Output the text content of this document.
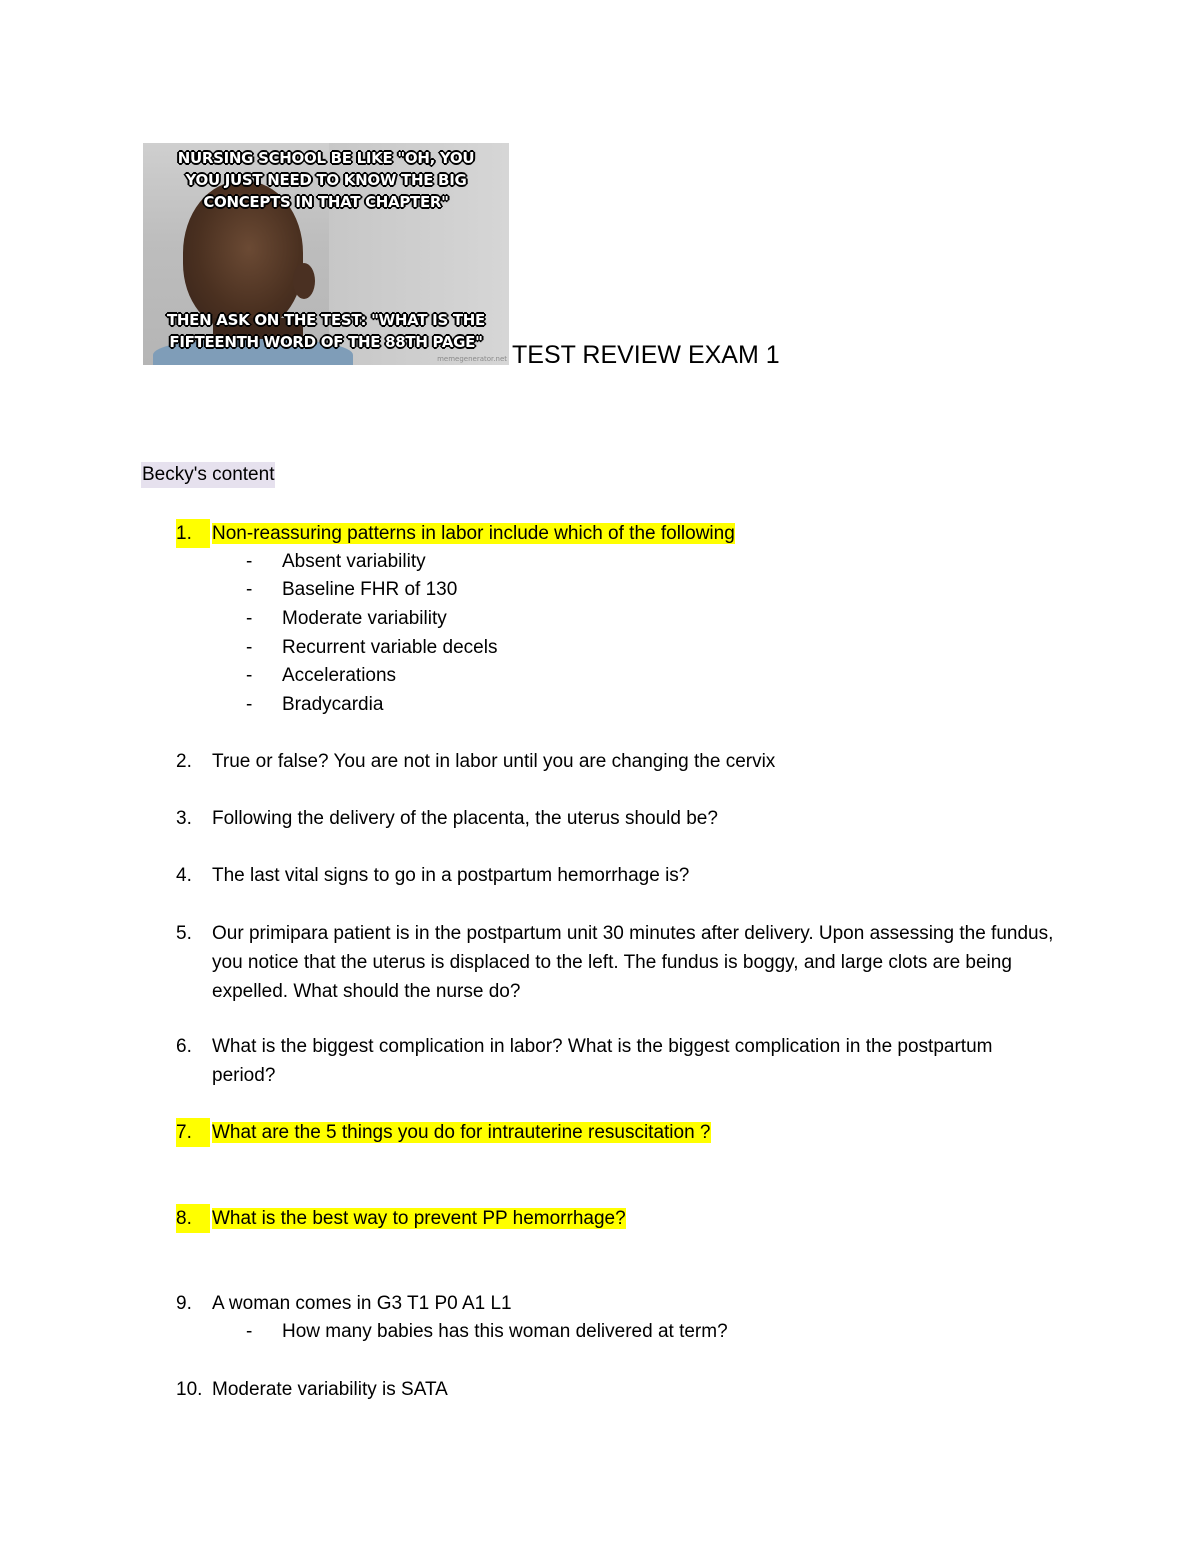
NURSING SCHOOL BE LIKE "OH, YOU YOU JUST NEED TO KNOW THE BIG CONCEPTS IN THAT CHAPTER"
THEN ASK ON THE TEST: "WHAT IS THE FIFTEENTH WORD OF THE 88TH PAGE"
memegenerator.net TEST REVIEW EXAM 1
Becky's content
1.	Non-reassuring patterns in labor include which of the following
- Absent variability
- Baseline FHR of 130
- Moderate variability
- Recurrent variable decels
- Accelerations
- Bradycardia
2.	True or false? You are not in labor until you are changing the cervix
3.	Following the delivery of the placenta, the uterus should be?
4.	The last vital signs to go in a postpartum hemorrhage is?
5.	Our primipara patient is in the postpartum unit 30 minutes after delivery. Upon assessing the fundus, you notice that the uterus is displaced to the left. The fundus is boggy, and large clots are being expelled. What should the nurse do?
6.	What is the biggest complication in labor? What is the biggest complication in the postpartum period?
7.	What are the 5 things you do for intrauterine resuscitation ?
8.	What is the best way to prevent PP hemorrhage?
9.	A woman comes in G3 T1 P0 A1 L1
- How many babies has this woman delivered at term?
10. Moderate variability is SATA
